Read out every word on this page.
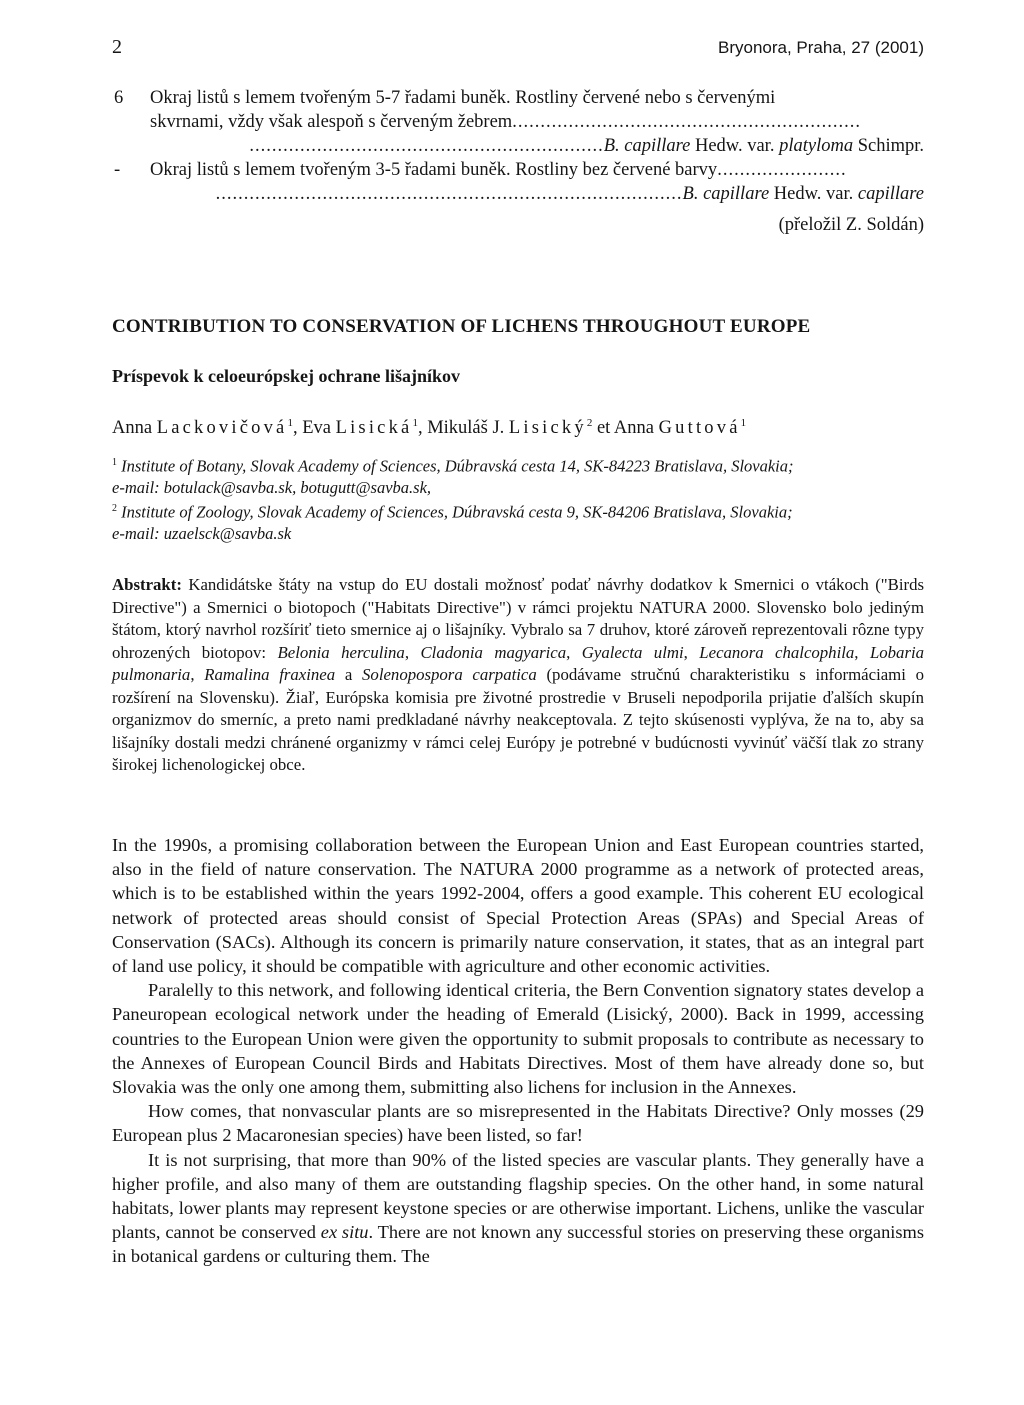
2	Bryonora, Praha, 27 (2001)
6 Okraj listů s lemem tvořeným 5-7 řadami buněk. Rostliny červené nebo s červenými
skvrnami, vždy však alespoň s červeným žebrem..............................................................
...............................................................B. capillare Hedw. var. platyloma Schimpr.
- Okraj listů s lemem tvořeným 3-5 řadami buněk. Rostliny bez červené barvy.......................
...................................................................................B. capillare Hedw. var. capillare
(přeložil Z. Soldán)
CONTRIBUTION TO CONSERVATION OF LICHENS THROUGHOUT EUROPE
Príspevok k celoeurópskej ochrane lišajníkov
Anna Lackovičová$^1$, Eva Lisická$^1$, Mikuláš J. Lisický$^2$ et Anna Guttová$^1$
$^1$ Institute of Botany, Slovak Academy of Sciences, Dúbravská cesta 14, SK-84223 Bratislava, Slovakia;
e-mail: botulack@savba.sk, botugutt@savba.sk,
$^2$ Institute of Zoology, Slovak Academy of Sciences, Dúbravská cesta 9, SK-84206 Bratislava, Slovakia;
e-mail: uzaelsck@savba.sk
Abstrakt: Kandidátske štáty na vstup do EU dostali možnosť podať návrhy dodatkov k Smernici o vtákoch ("Birds Directive") a Smernici o biotopoch ("Habitats Directive") v rámci projektu NATURA 2000. Slovensko bolo jediným štátom, ktorý navrhol rozšíriť tieto smernice aj o lišajníky. Vybralo sa 7 druhov, ktoré zároveň reprezentovali rôzne typy ohrozených biotopov: Belonia herculina, Cladonia magyarica, Gyalecta ulmi, Lecanora chalcophila, Lobaria pulmonaria, Ramalina fraxinea a Solenopospora carpatica (podávame stručnú charakteristiku s informáciami o rozšírení na Slovensku). Žiaľ, Európska komisia pre životné prostredie v Bruseli nepodporila prijatie ďalších skupín organizmov do smerníc, a preto nami predkladané návrhy neakceptovala. Z tejto skúsenosti vyplýva, že na to, aby sa lišajníky dostali medzi chránené organizmy v rámci celej Európy je potrebné v budúcnosti vyvinúť väčší tlak zo strany širokej lichenologickej obce.

In the 1990s, a promising collaboration between the European Union and East European countries started, also in the field of nature conservation. The NATURA 2000 programme as a network of protected areas, which is to be established within the years 1992-2004, offers a good example. This coherent EU ecological network of protected areas should consist of Special Protection Areas (SPAs) and Special Areas of Conservation (SACs). Although its concern is primarily nature conservation, it states, that as an integral part of land use policy, it should be compatible with agriculture and other economic activities.

Paralelly to this network, and following identical criteria, the Bern Convention signatory states develop a Paneuropean ecological network under the heading of Emerald (Lisický, 2000). Back in 1999, accessing countries to the European Union were given the opportunity to submit proposals to contribute as necessary to the Annexes of European Council Birds and Habitats Directives. Most of them have already done so, but Slovakia was the only one among them, submitting also lichens for inclusion in the Annexes.

How comes, that nonvascular plants are so misrepresented in the Habitats Directive? Only mosses (29 European plus 2 Macaronesian species) have been listed, so far!

It is not surprising, that more than 90% of the listed species are vascular plants. They generally have a higher profile, and also many of them are outstanding flagship species. On the other hand, in some natural habitats, lower plants may represent keystone species or are otherwise important. Lichens, unlike the vascular plants, cannot be conserved ex situ. There are not known any successful stories on preserving these organisms in botanical gardens or culturing them. The
